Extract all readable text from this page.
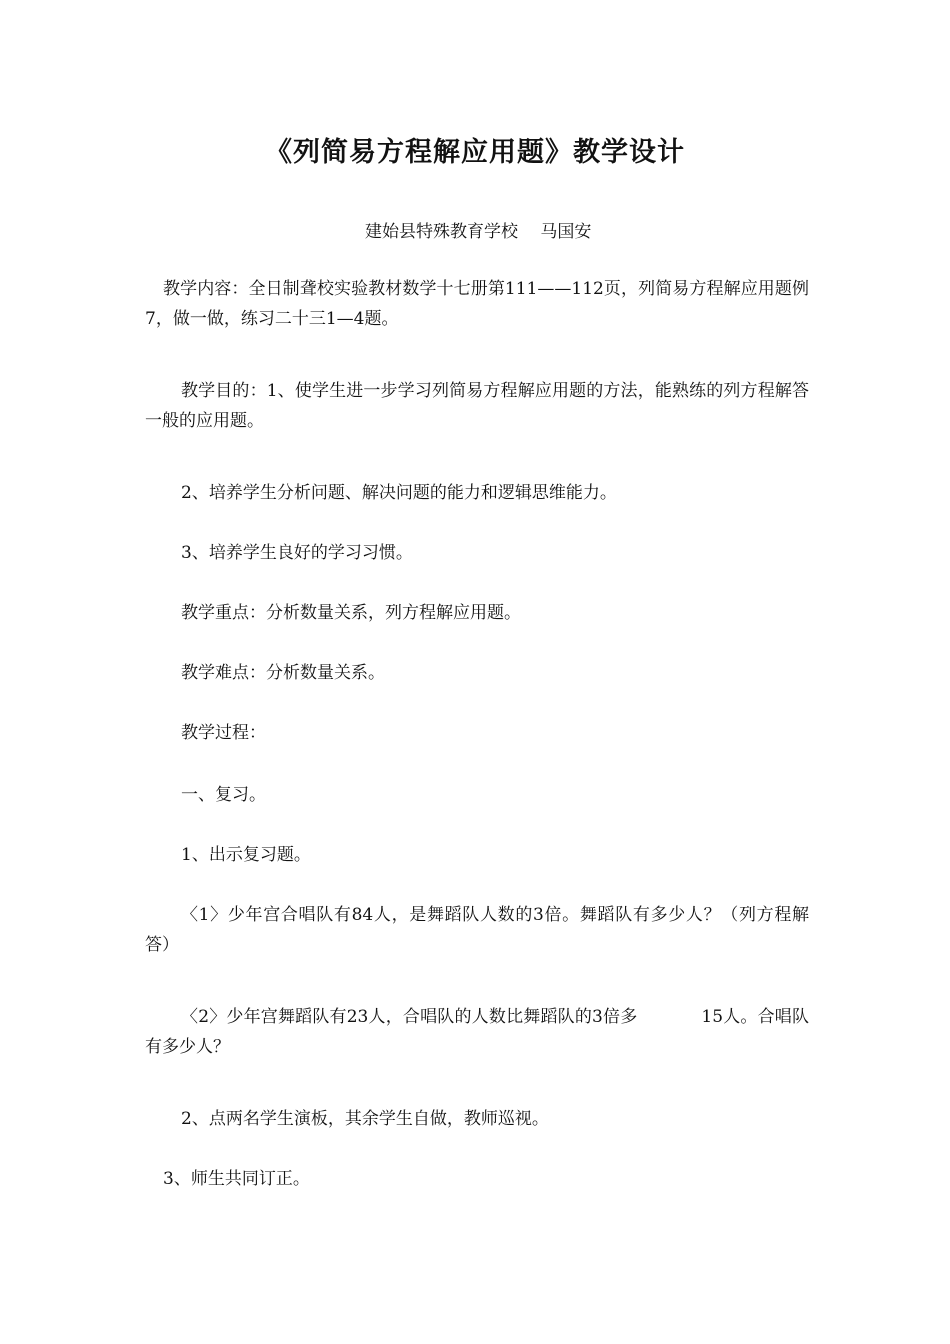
《列简易方程解应用题》教学设计
建始县特殊教育学校　 马国安

教学内容：全日制聋校实验教材数学十七册第111——112页，列简易方程解应用题例7，做一做，练习二十三1—4题。

教学目的：1、使学生进一步学习列简易方程解应用题的方法，能熟练的列方程解答一般的应用题。

2、培养学生分析问题、解决问题的能力和逻辑思维能力。

3、培养学生良好的学习习惯。

教学重点：分析数量关系，列方程解应用题。

教学难点：分析数量关系。

教学过程：

一、复习。

1、出示复习题。

〈1〉少年宫合唱队有84人，是舞蹈队人数的3倍。舞蹈队有多少人？（列方程解答）

〈2〉少年宫舞蹈队有23人，合唱队的人数比舞蹈队的3倍多	15人。合唱队有多少人？

2、点两名学生演板，其余学生自做，教师巡视。

3、师生共同订正。
